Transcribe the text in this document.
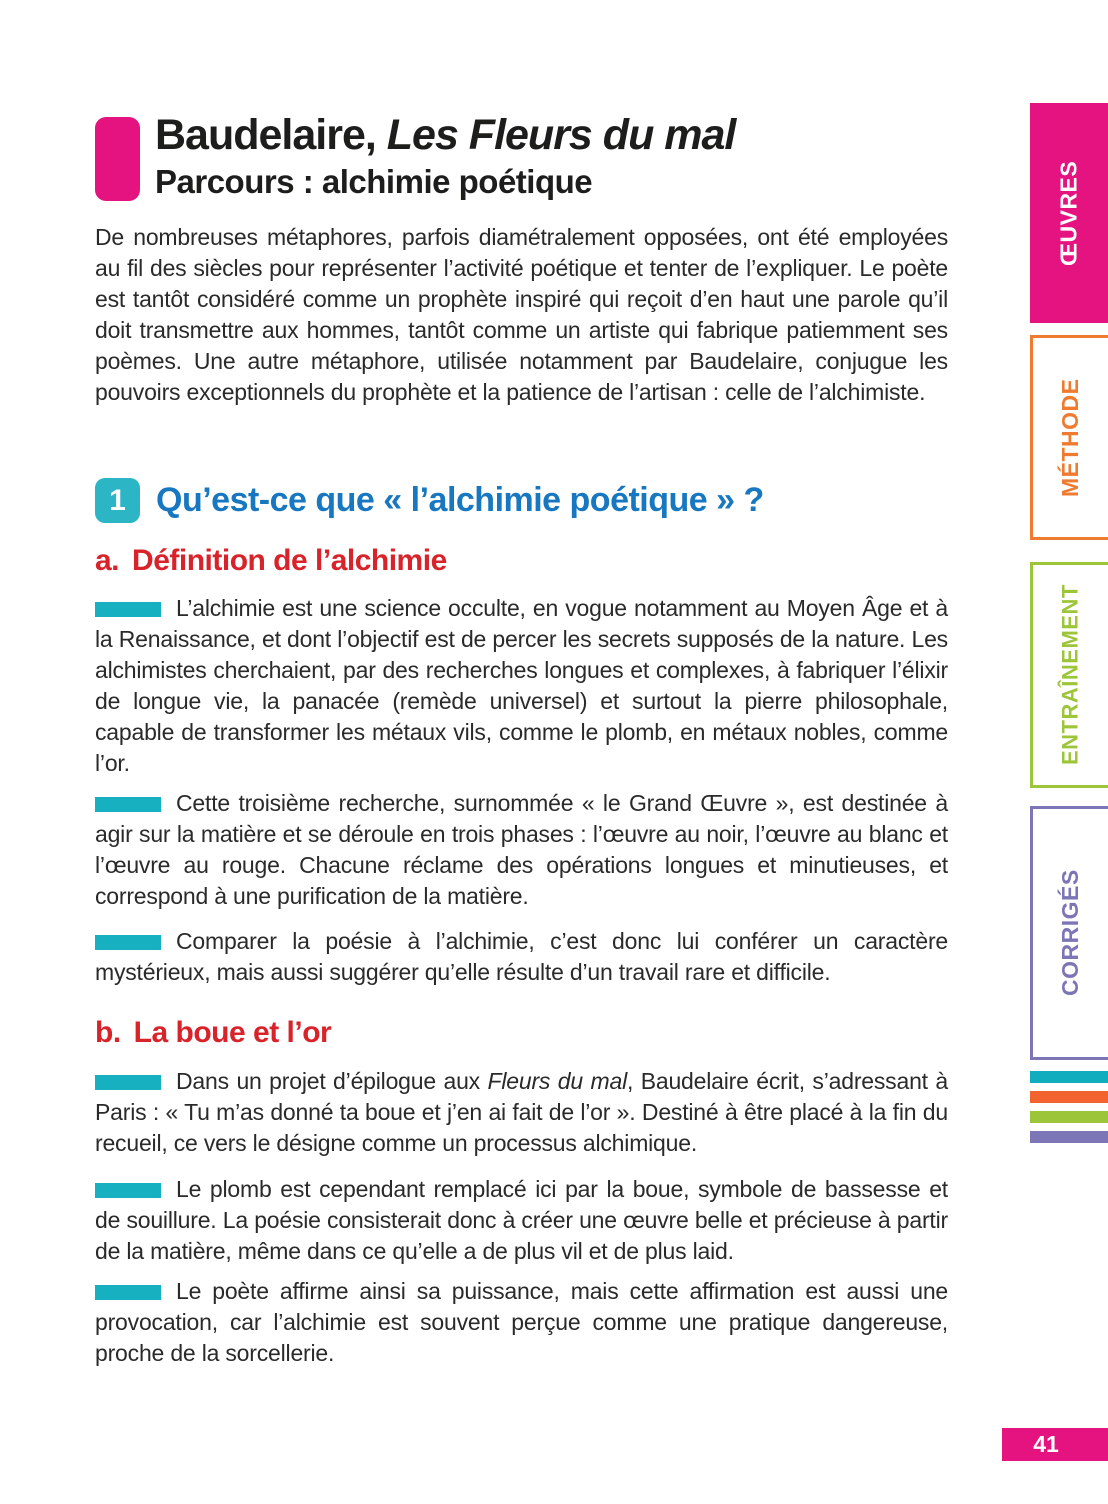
Baudelaire, Les Fleurs du mal
Parcours : alchimie poétique

De nombreuses métaphores, parfois diamétralement opposées, ont été employées au fil des siècles pour représenter l’activité poétique et tenter de l’expliquer. Le poète est tantôt considéré comme un prophète inspiré qui reçoit d’en haut une parole qu’il doit transmettre aux hommes, tantôt comme un artiste qui fabrique patiemment ses poèmes. Une autre métaphore, utilisée notamment par Baudelaire, conjugue les pouvoirs exceptionnels du prophète et la patience de l’artisan : celle de l’alchimiste.

1 Qu’est-ce que « l’alchimie poétique » ?
a. Définition de l’alchimie

L’alchimie est une science occulte, en vogue notamment au Moyen Âge et à la Renaissance, et dont l’objectif est de percer les secrets supposés de la nature. Les alchimistes cherchaient, par des recherches longues et complexes, à fabriquer l’élixir de longue vie, la panacée (remède universel) et surtout la pierre philosophale, capable de transformer les métaux vils, comme le plomb, en métaux nobles, comme l’or.

Cette troisième recherche, surnommée « le Grand Œuvre », est destinée à agir sur la matière et se déroule en trois phases : l’œuvre au noir, l’œuvre au blanc et l’œuvre au rouge. Chacune réclame des opérations longues et minutieuses, et correspond à une purification de la matière.

Comparer la poésie à l’alchimie, c’est donc lui conférer un caractère mystérieux, mais aussi suggérer qu’elle résulte d’un travail rare et difficile.

b. La boue et l’or

Dans un projet d’épilogue aux Fleurs du mal, Baudelaire écrit, s’adressant à Paris : « Tu m’as donné ta boue et j’en ai fait de l’or ». Destiné à être placé à la fin du recueil, ce vers le désigne comme un processus alchimique.

Le plomb est cependant remplacé ici par la boue, symbole de bassesse et de souillure. La poésie consisterait donc à créer une œuvre belle et précieuse à partir de la matière, même dans ce qu’elle a de plus vil et de plus laid.

Le poète affirme ainsi sa puissance, mais cette affirmation est aussi une provocation, car l’alchimie est souvent perçue comme une pratique dangereuse, proche de la sorcellerie.

ŒUVRES
MÉTHODE
ENTRAÎNEMENT
CORRIGÉS
41
